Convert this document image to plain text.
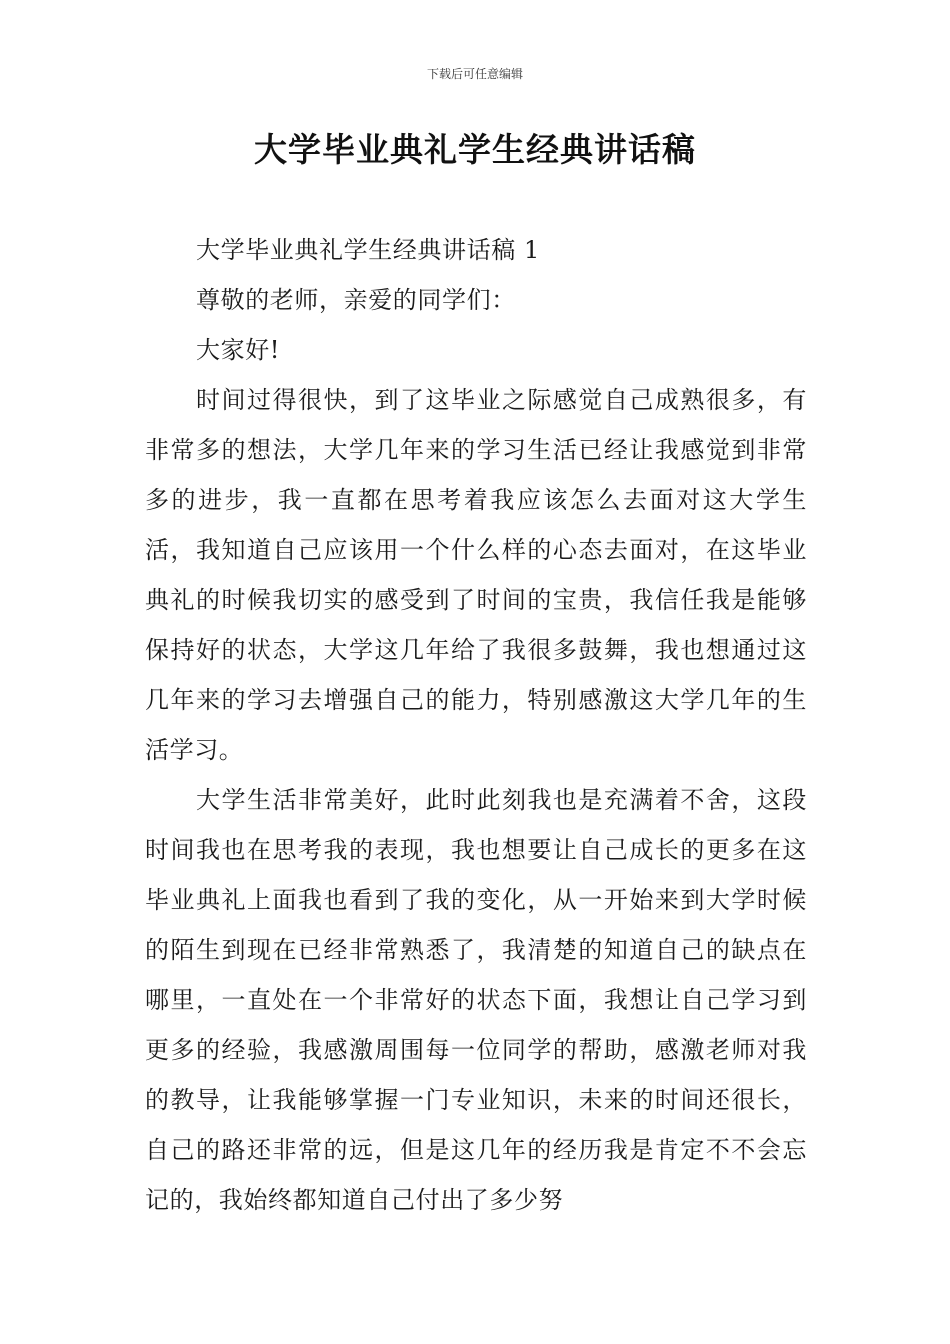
下载后可任意编辑
大学毕业典礼学生经典讲话稿

大学毕业典礼学生经典讲话稿 1

尊敬的老师，亲爱的同学们：

大家好!

时间过得很快，到了这毕业之际感觉自己成熟很多，有非常多的想法，大学几年来的学习生活已经让我感觉到非常多的进步，我一直都在思考着我应该怎么去面对这大学生活，我知道自己应该用一个什么样的心态去面对，在这毕业典礼的时候我切实的感受到了时间的宝贵，我信任我是能够保持好的状态，大学这几年给了我很多鼓舞，我也想通过这几年来的学习去增强自己的能力，特别感激这大学几年的生活学习。

大学生活非常美好，此时此刻我也是充满着不舍，这段时间我也在思考我的表现，我也想要让自己成长的更多在这毕业典礼上面我也看到了我的变化，从一开始来到大学时候的陌生到现在已经非常熟悉了，我清楚的知道自己的缺点在哪里，一直处在一个非常好的状态下面，我想让自己学习到更多的经验，我感激周围每一位同学的帮助，感激老师对我的教导，让我能够掌握一门专业知识，未来的时间还很长，自己的路还非常的远，但是这几年的经历我是肯定不不会忘记的，我始终都知道自己付出了多少努
